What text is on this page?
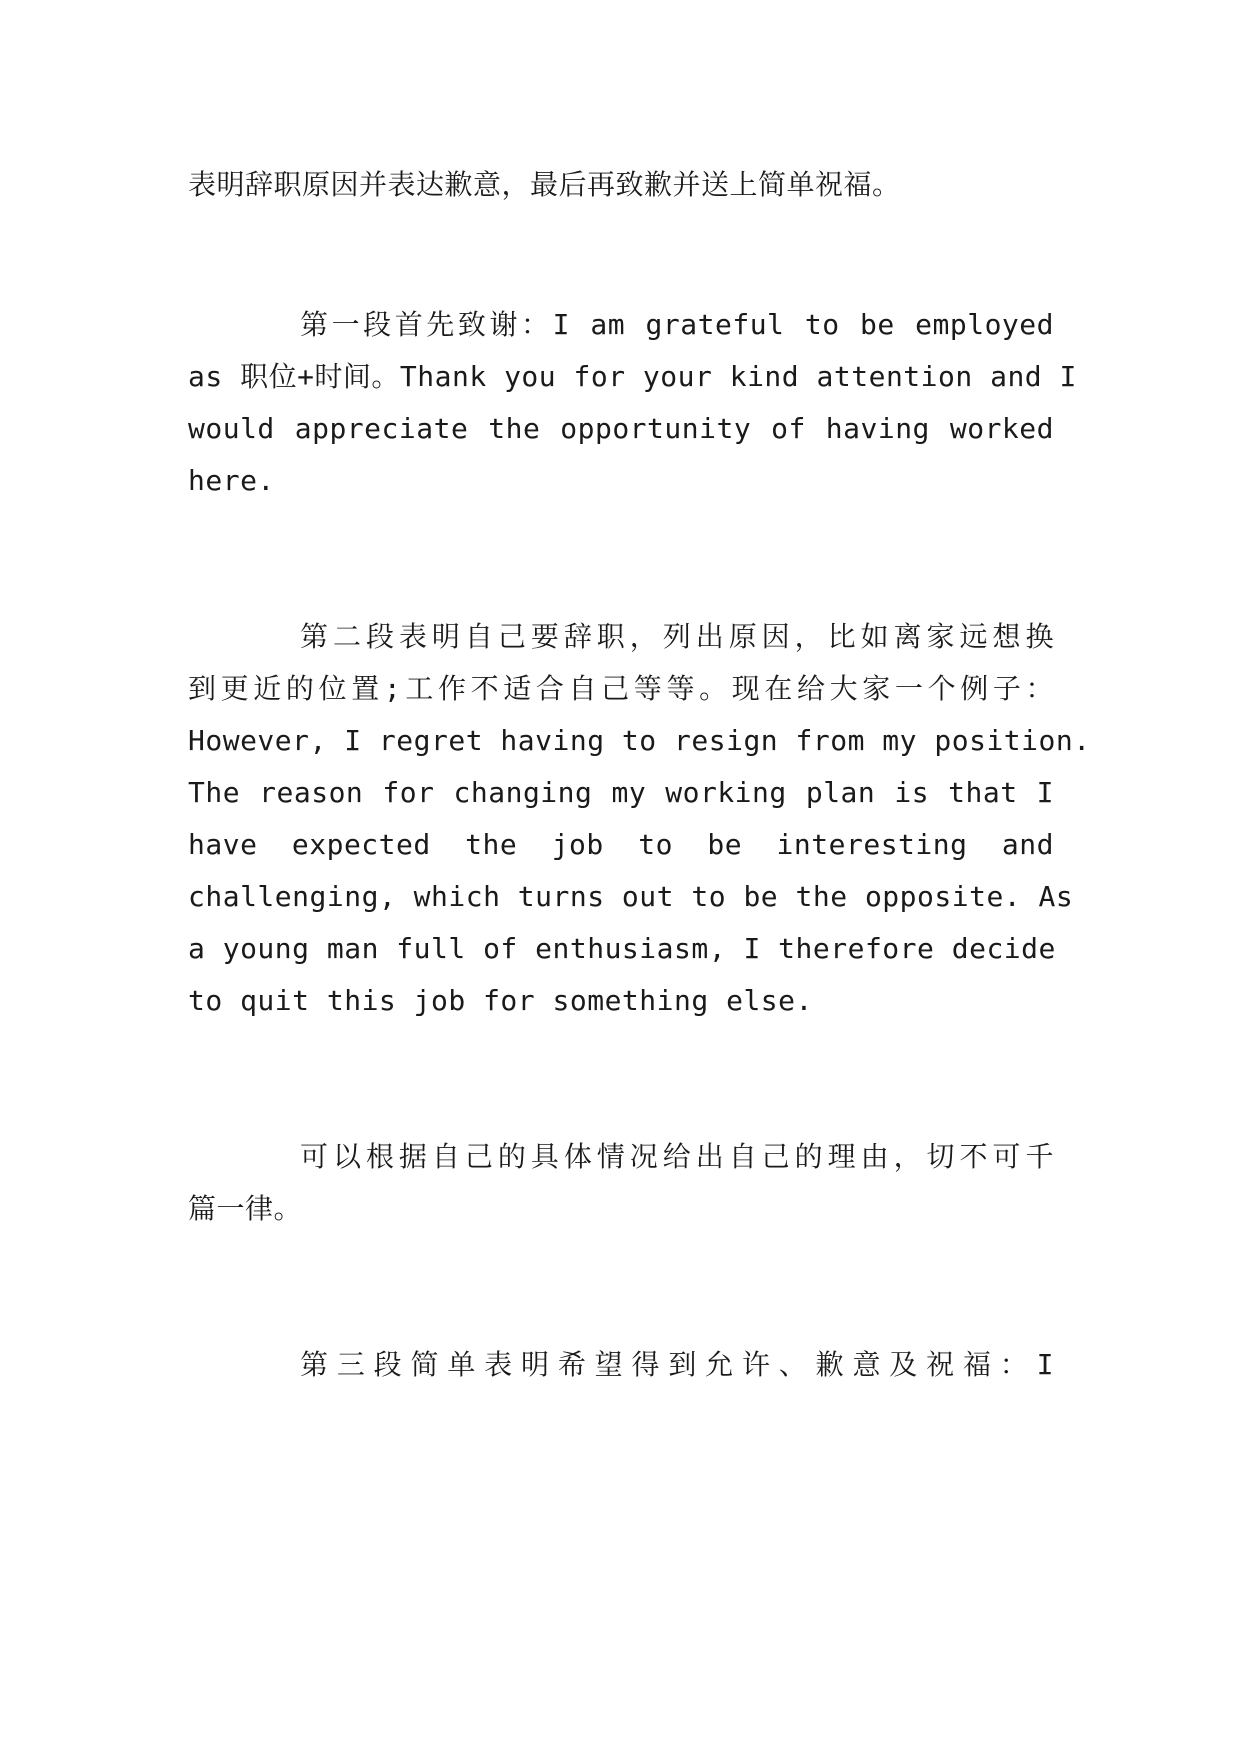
表明辞职原因并表达歉意，最后再致歉并送上简单祝福。
第一段首先致谢：I am grateful to be employed
as 职位+时间。Thank you for your kind attention and I
would appreciate the opportunity of having worked
here.
第二段表明自己要辞职，列出原因，比如离家远想换
到更近的位置;工作不适合自己等等。现在给大家一个例子：
However, I regret having to resign from my position.
The reason for changing my working plan is that I
have expected the job to be interesting and
challenging, which turns out to be the opposite. As
a young man full of enthusiasm, I therefore decide
to quit this job for something else.
可以根据自己的具体情况给出自己的理由，切不可千
篇一律。
第三段简单表明希望得到允许、歉意及祝福：I
